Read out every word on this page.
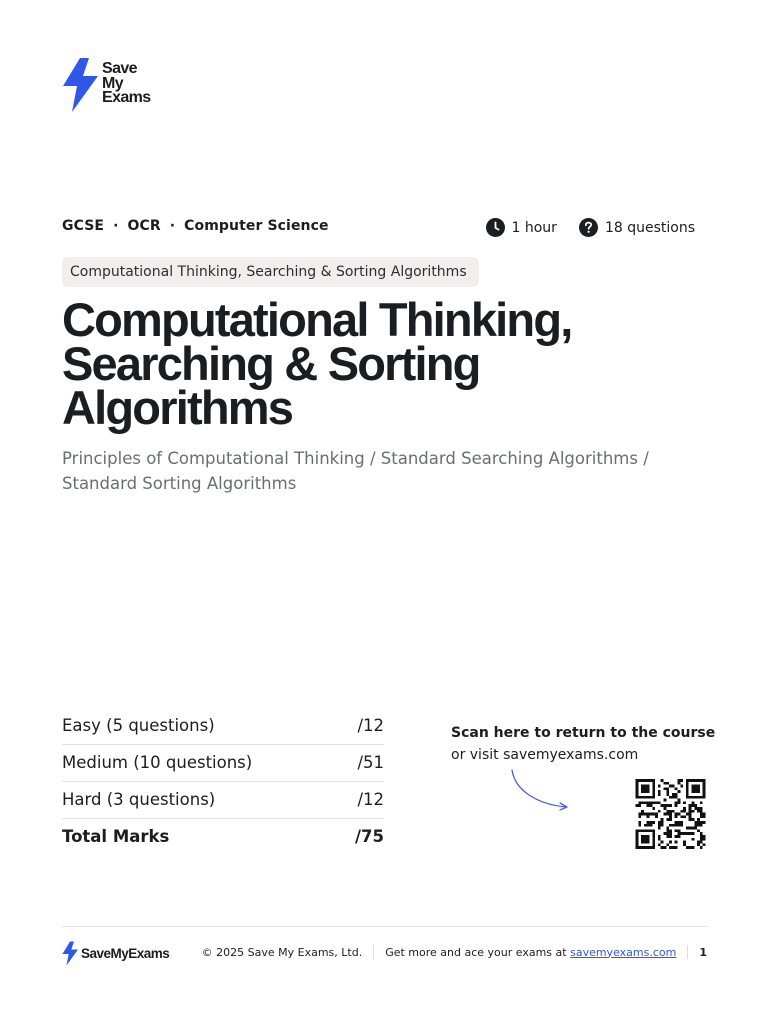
Save
My
Exams
GCSE · OCR · Computer Science	1 hour	18 questions
Computational Thinking, Searching & Sorting Algorithms
Computational Thinking, Searching & Sorting Algorithms
Principles of Computational Thinking / Standard Searching Algorithms / Standard Sorting Algorithms
Easy (5 questions)	/12
Medium (10 questions)	/51
Hard (3 questions)	/12
Total Marks	/75
Scan here to return to the course
or visit savemyexams.com
SaveMyExams	© 2025 Save My Exams, Ltd. Get more and ace your exams at savemyexams.com 1
